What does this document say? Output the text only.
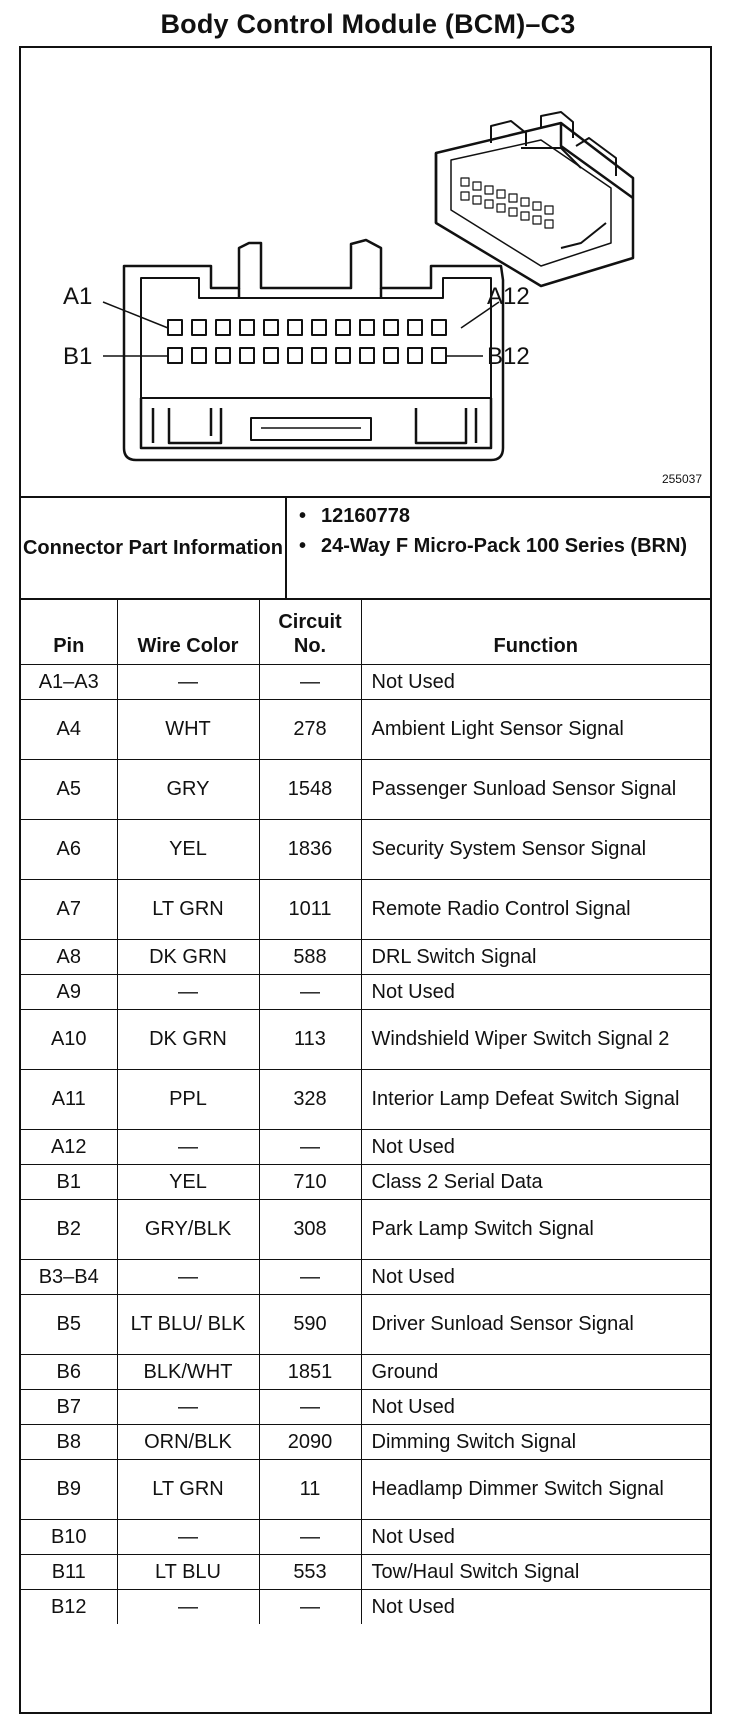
Body Control Module (BCM)–C3
A1	A12
B1	B12
255037
Connector Part Information
• 12160778
• 24-Way F Micro-Pack 100 Series (BRN)
Pin	Wire Color	Circuit No.	Function
A1–A3	—	—	Not Used
A4	WHT	278	Ambient Light Sensor Signal
A5	GRY	1548	Passenger Sunload Sensor Signal
A6	YEL	1836	Security System Sensor Signal
A7	LT GRN	1011	Remote Radio Control Signal
A8	DK GRN	588	DRL Switch Signal
A9	—	—	Not Used
A10	DK GRN	113	Windshield Wiper Switch Signal 2
A11	PPL	328	Interior Lamp Defeat Switch Signal
A12	—	—	Not Used
B1	YEL	710	Class 2 Serial Data
B2	GRY/BLK	308	Park Lamp Switch Signal
B3–B4	—	—	Not Used
B5	LT BLU/ BLK	590	Driver Sunload Sensor Signal
B6	BLK/WHT	1851	Ground
B7	—	—	Not Used
B8	ORN/BLK	2090	Dimming Switch Signal
B9	LT GRN	11	Headlamp Dimmer Switch Signal
B10	—	—	Not Used
B11	LT BLU	553	Tow/Haul Switch Signal
B12	—	—	Not Used
